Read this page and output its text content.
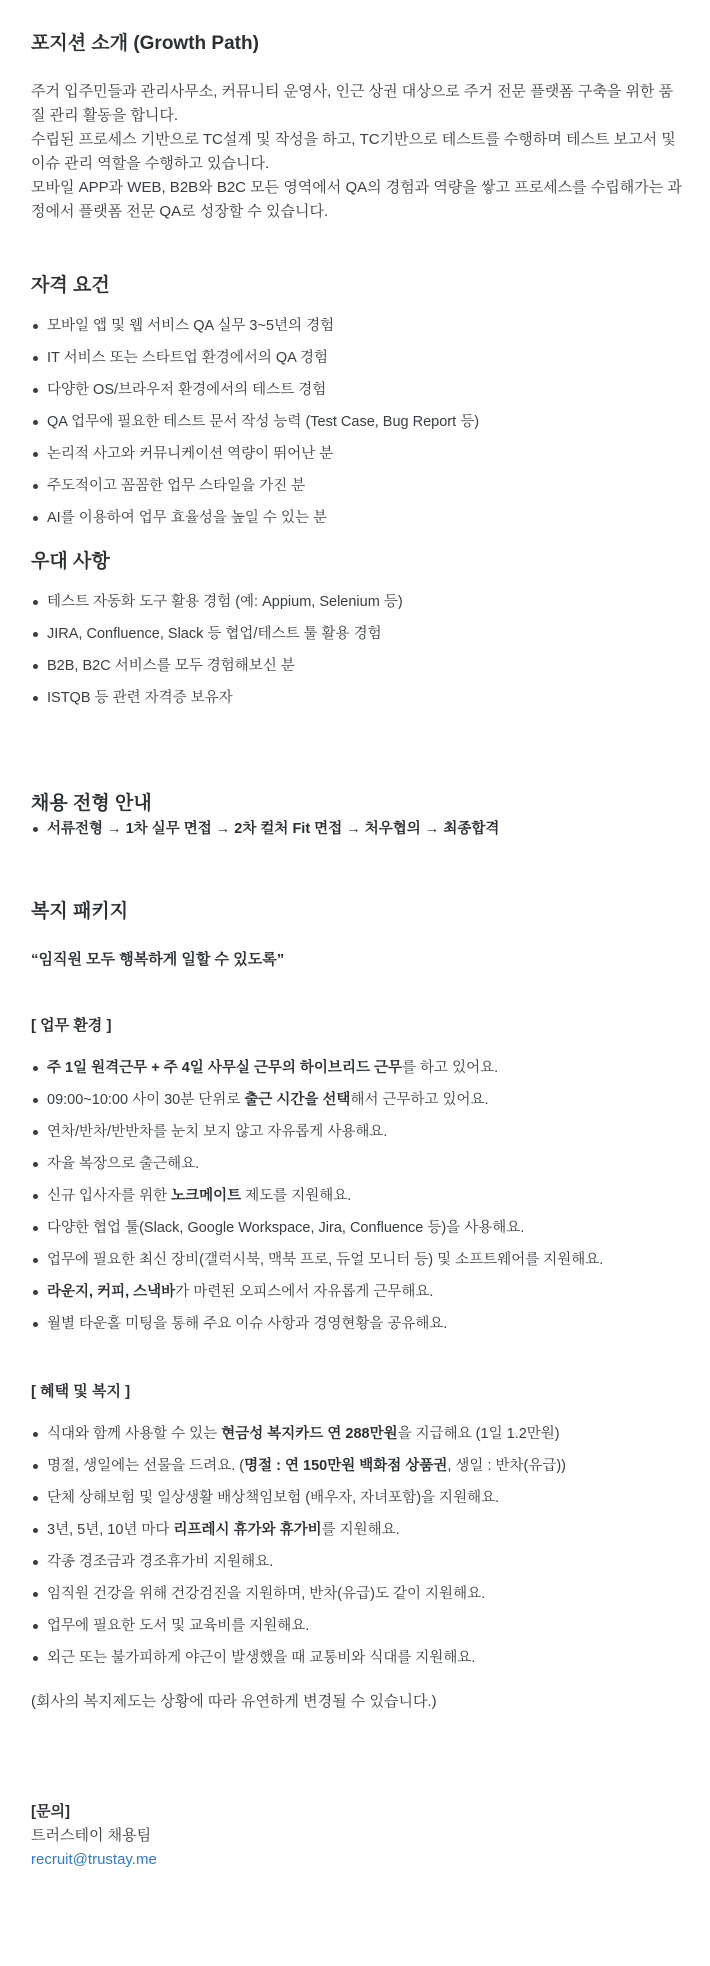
포지션 소개 (Growth Path)

주거 입주민들과 관리사무소, 커뮤니티 운영사, 인근 상권 대상으로 주거 전문 플랫폼 구축을 위한 품질 관리 활동을 합니다.

수립된 프로세스 기반으로 TC설계 및 작성을 하고, TC기반으로 테스트를 수행하며 테스트 보고서 및 이슈 관리 역할을 수행하고 있습니다.

모바일 APP과 WEB, B2B와 B2C 모든 영역에서 QA의 경험과 역량을 쌓고 프로세스를 수립해가는 과정에서 플랫폼 전문 QA로 성장할 수 있습니다.

자격 요건
모바일 앱 및 웹 서비스 QA 실무 3~5년의 경험
IT 서비스 또는 스타트업 환경에서의 QA 경험
다양한 OS/브라우저 환경에서의 테스트 경험
QA 업무에 필요한 테스트 문서 작성 능력 (Test Case, Bug Report 등)
논리적 사고와 커뮤니케이션 역량이 뛰어난 분
주도적이고 꼼꼼한 업무 스타일을 가진 분
AI를 이용하여 업무 효율성을 높일 수 있는 분
우대 사항
테스트 자동화 도구 활용 경험 (예: Appium, Selenium 등)
JIRA, Confluence, Slack 등 협업/테스트 툴 활용 경험
B2B, B2C 서비스를 모두 경험해보신 분
ISTQB 등 관련 자격증 보유자
채용 전형 안내
서류전형 → 1차 실무 면접 → 2차 컬처 Fit 면접 → 처우협의 → 최종합격
복지 패키지

“임직원 모두 행복하게 일할 수 있도록”

[ 업무 환경 ]

주 1일 원격근무 + 주 4일 사무실 근무의 하이브리드 근무를 하고 있어요.
09:00~10:00 사이 30분 단위로 출근 시간을 선택해서 근무하고 있어요.
연차/반차/반반차를 눈치 보지 않고 자유롭게 사용해요.
자율 복장으로 출근해요.
신규 입사자를 위한 노크메이트 제도를 지원해요.
다양한 협업 툴(Slack, Google Workspace, Jira, Confluence 등)을 사용해요.
업무에 필요한 최신 장비(갤럭시북, 맥북 프로, 듀얼 모니터 등) 및 소프트웨어를 지원해요.
라운지, 커피, 스낵바가 마련된 오피스에서 자유롭게 근무해요.
월별 타운홀 미팅을 통해 주요 이슈 사항과 경영현황을 공유해요.

[ 혜택 및 복지 ]

식대와 함께 사용할 수 있는 현금성 복지카드 연 288만원을 지급해요 (1일 1.2만원)
명절, 생일에는 선물을 드려요. (명절 : 연 150만원 백화점 상품권, 생일 : 반차(유급))
단체 상해보험 및 일상생활 배상책임보험 (배우자, 자녀포함)을 지원해요.
3년, 5년, 10년 마다 리프레시 휴가와 휴가비를 지원해요.
각종 경조금과 경조휴가비 지원해요.
임직원 건강을 위해 건강검진을 지원하며, 반차(유급)도 같이 지원해요.
업무에 필요한 도서 및 교육비를 지원해요.
외근 또는 불가피하게 야근이 발생했을 때 교통비와 식대를 지원해요.

(회사의 복지제도는 상황에 따라 유연하게 변경될 수 있습니다.)

[문의]

트러스테이 채용팀

recruit@trustay.me
